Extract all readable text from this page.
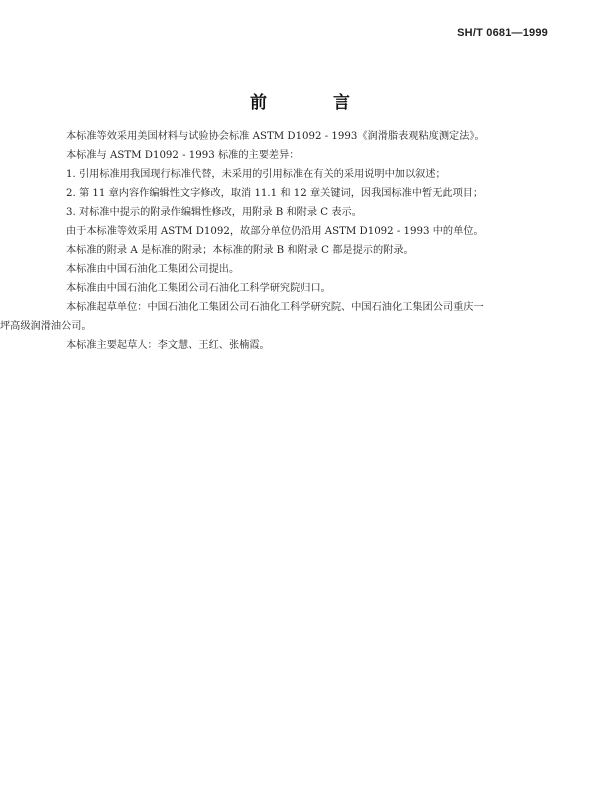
SH/T 0681—1999
前 言

本标准等效采用美国材料与试验协会标准 ASTM D1092 - 1993《润滑脂表观粘度测定法》。

本标准与 ASTM D1092 - 1993 标准的主要差异：

1. 引用标准用我国现行标准代替，未采用的引用标准在有关的采用说明中加以叙述；

2. 第 11 章内容作编辑性文字修改，取消 11.1 和 12 章关键词，因我国标准中暂无此项目；

3. 对标准中提示的附录作编辑性修改，用附录 B 和附录 C 表示。

由于本标准等效采用 ASTM D1092，故部分单位仍沿用 ASTM D1092 - 1993 中的单位。

本标准的附录 A 是标准的附录；本标准的附录 B 和附录 C 都是提示的附录。

本标准由中国石油化工集团公司提出。

本标准由中国石油化工集团公司石油化工科学研究院归口。

本标准起草单位：中国石油化工集团公司石油化工科学研究院、中国石油化工集团公司重庆一

坪高级润滑油公司。

本标准主要起草人：李文慧、王红、张楠霞。
